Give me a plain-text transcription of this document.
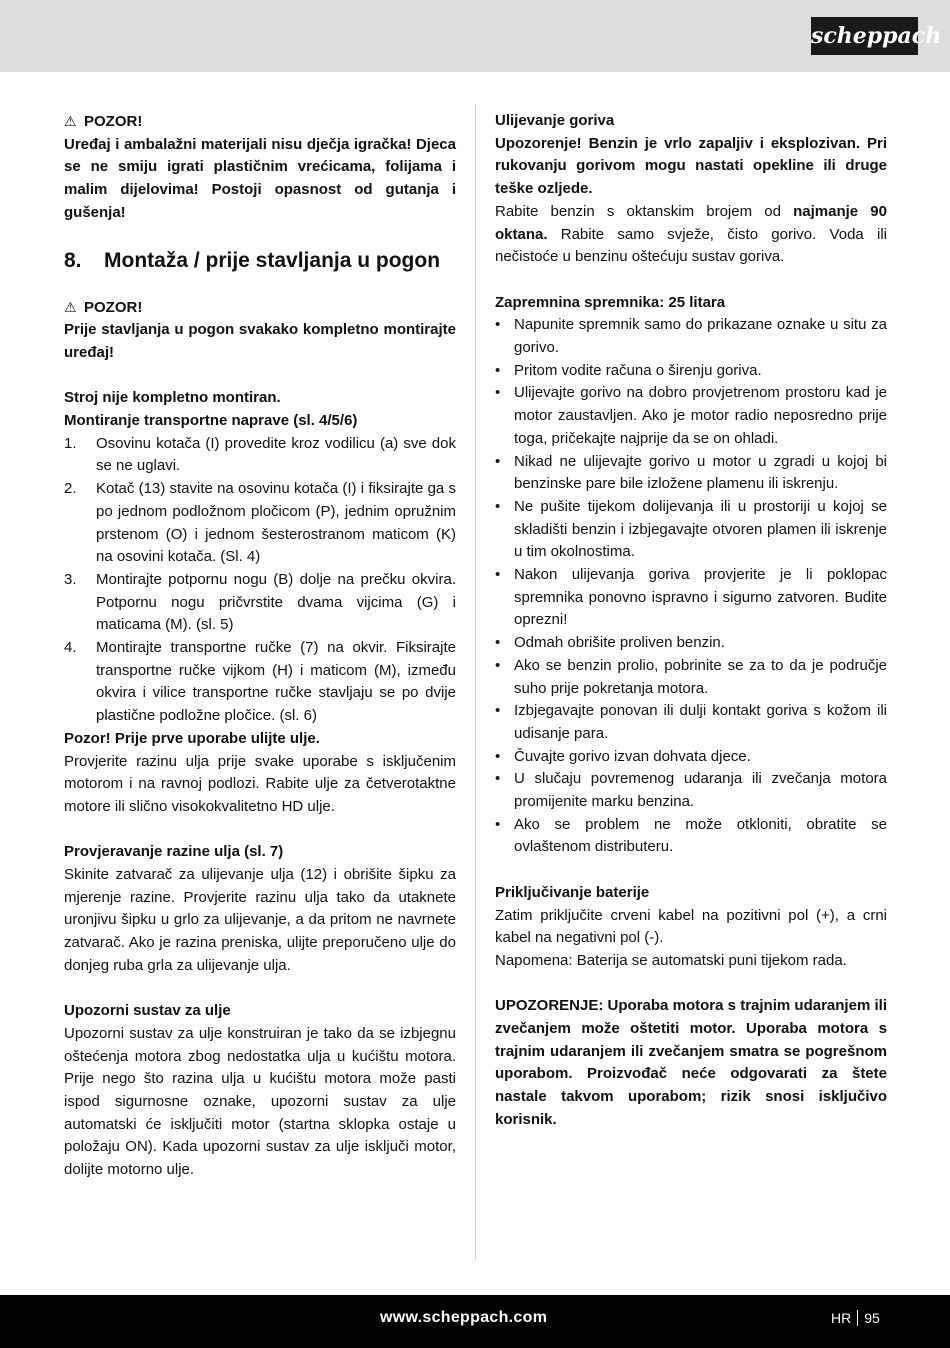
scheppach

⚠ POZOR!

Uređaj i ambalažni materijali nisu dječja igračka! Djeca se ne smiju igrati plastičnim vrećicama, folijama i malim dijelovima! Postoji opasnost od gutanja i gušenja!

8.	Montaža / prije stavljanja u pogon

⚠ POZOR!

Prije stavljanja u pogon svakako kompletno montirajte uređaj!

Stroj nije kompletno montiran.

Montiranje transportne naprave (sl. 4/5/6)

1.	Osovinu kotača (I) provedite kroz vodilicu (a) sve dok se ne uglavi.
2.	Kotač (13) stavite na osovinu kotača (I) i fiksirajte ga s po jednom podložnom pločicom (P), jednim opružnim prstenom (O) i jednom šesterostranom maticom (K) na osovini kotača. (Sl. 4)
3.	Montirajte potpornu nogu (B) dolje na prečku okvira. Potpornu nogu pričvrstite dvama vijcima (G) i maticama (M). (sl. 5)
4.	Montirajte transportne ručke (7) na okvir. Fiksirajte transportne ručke vijkom (H) i maticom (M), između okvira i vilice transportne ručke stavljaju se po dvije plastične podložne pločice. (sl. 6)

Pozor! Prije prve uporabe ulijte ulje.

Provjerite razinu ulja prije svake uporabe s isključenim motorom i na ravnoj podlozi. Rabite ulje za četverotaktne motore ili slično visokokvalitetno HD ulje.

Provjeravanje razine ulja (sl. 7)

Skinite zatvarač za ulijevanje ulja (12) i obrišite šipku za mjerenje razine. Provjerite razinu ulja tako da utaknete uronjivu šipku u grlo za ulijevanje, a da pritom ne navrnete zatvarač. Ako je razina preniska, ulijte preporučeno ulje do donjeg ruba grla za ulijevanje ulja.

Upozorni sustav za ulje

Upozorni sustav za ulje konstruiran je tako da se izbjegnu oštećenja motora zbog nedostatka ulja u kućištu motora. Prije nego što razina ulja u kućištu motora može pasti ispod sigurnosne oznake, upozorni sustav za ulje automatski će isključiti motor (startna sklopka ostaje u položaju ON). Kada upozorni sustav za ulje isključi motor, dolijte motorno ulje.

Ulijevanje goriva

Upozorenje! Benzin je vrlo zapaljiv i eksplozivan. Pri rukovanju gorivom mogu nastati opekline ili druge teške ozljede.

Rabite benzin s oktanskim brojem od najmanje 90 oktana. Rabite samo svježe, čisto gorivo. Voda ili nečistoće u benzinu oštećuju sustav goriva.

Zapremnina spremnika: 25 litara

• Napunite spremnik samo do prikazane oznake u situ za gorivo.
• Pritom vodite računa o širenju goriva.
• Ulijevajte gorivo na dobro provjetrenom prostoru kad je motor zaustavljen. Ako je motor radio neposredno prije toga, pričekajte najprije da se on ohladi.
• Nikad ne ulijevajte gorivo u motor u zgradi u kojoj bi benzinske pare bile izložene plamenu ili iskrenju.
• Ne pušite tijekom dolijevanja ili u prostoriji u kojoj se skladišti benzin i izbjegavajte otvoren plamen ili iskrenje u tim okolnostima.
• Nakon ulijevanja goriva provjerite je li poklopac spremnika ponovno ispravno i sigurno zatvoren. Budite oprezni!
• Odmah obrišite proliven benzin.
• Ako se benzin prolio, pobrinite se za to da je područje suho prije pokretanja motora.
• Izbjegavajte ponovan ili dulji kontakt goriva s kožom ili udisanje para.
• Čuvajte gorivo izvan dohvata djece.
• U slučaju povremenog udaranja ili zvečanja motora promijenite marku benzina.
• Ako se problem ne može otkloniti, obratite se ovlaštenom distributeru.

Priključivanje baterije

Zatim priključite crveni kabel na pozitivni pol (+), a crni kabel na negativni pol (-).

Napomena: Baterija se automatski puni tijekom rada.

UPOZORENJE: Uporaba motora s trajnim udaranjem ili zvečanjem može oštetiti motor. Uporaba motora s trajnim udaranjem ili zvečanjem smatra se pogrešnom uporabom. Proizvođač neće odgovarati za štete nastale takvom uporabom; rizik snosi isključivo korisnik.

www.scheppach.com	HR 95
